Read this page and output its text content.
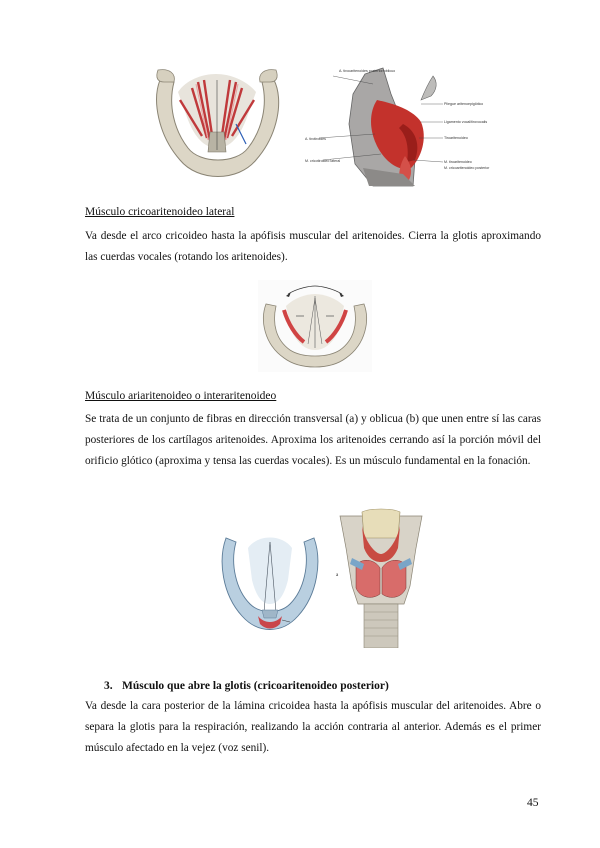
A. tirocaritenoides posterior/oblicuo
Pliegue aritenoepiglótico
Ligamento vocal/tirovocalis
Tiroaritenoideo
M. tiroaritenoideo
M. cricoaritenoideo posterior
A. tirotiroides
M. cricotiroideo lateral
Músculo cricoaritenoideo lateral

Va desde el arco cricoideo hasta la apófisis muscular del aritenoides. Cierra la glotis aproximando las cuerdas vocales (rotando los aritenoides).

Músculo ariaritenoideo o interaritenoideo

Se trata de un conjunto de fibras en dirección transversal (a) y oblicua (b) que unen entre sí las caras posteriores de los cartílagos aritenoides. Aproxima los aritenoides cerrando así la porción móvil del orificio glótico (aproxima y tensa las cuerdas vocales). Es un músculo fundamental en la fonación.

a
3. Músculo que abre la glotis (cricoaritenoideo posterior)

Va desde la cara posterior de la lámina cricoidea hasta la apófisis muscular del aritenoides. Abre o separa la glotis para la respiración, realizando la acción contraria al anterior. Además es el primer músculo afectado en la vejez (voz senil).

45
